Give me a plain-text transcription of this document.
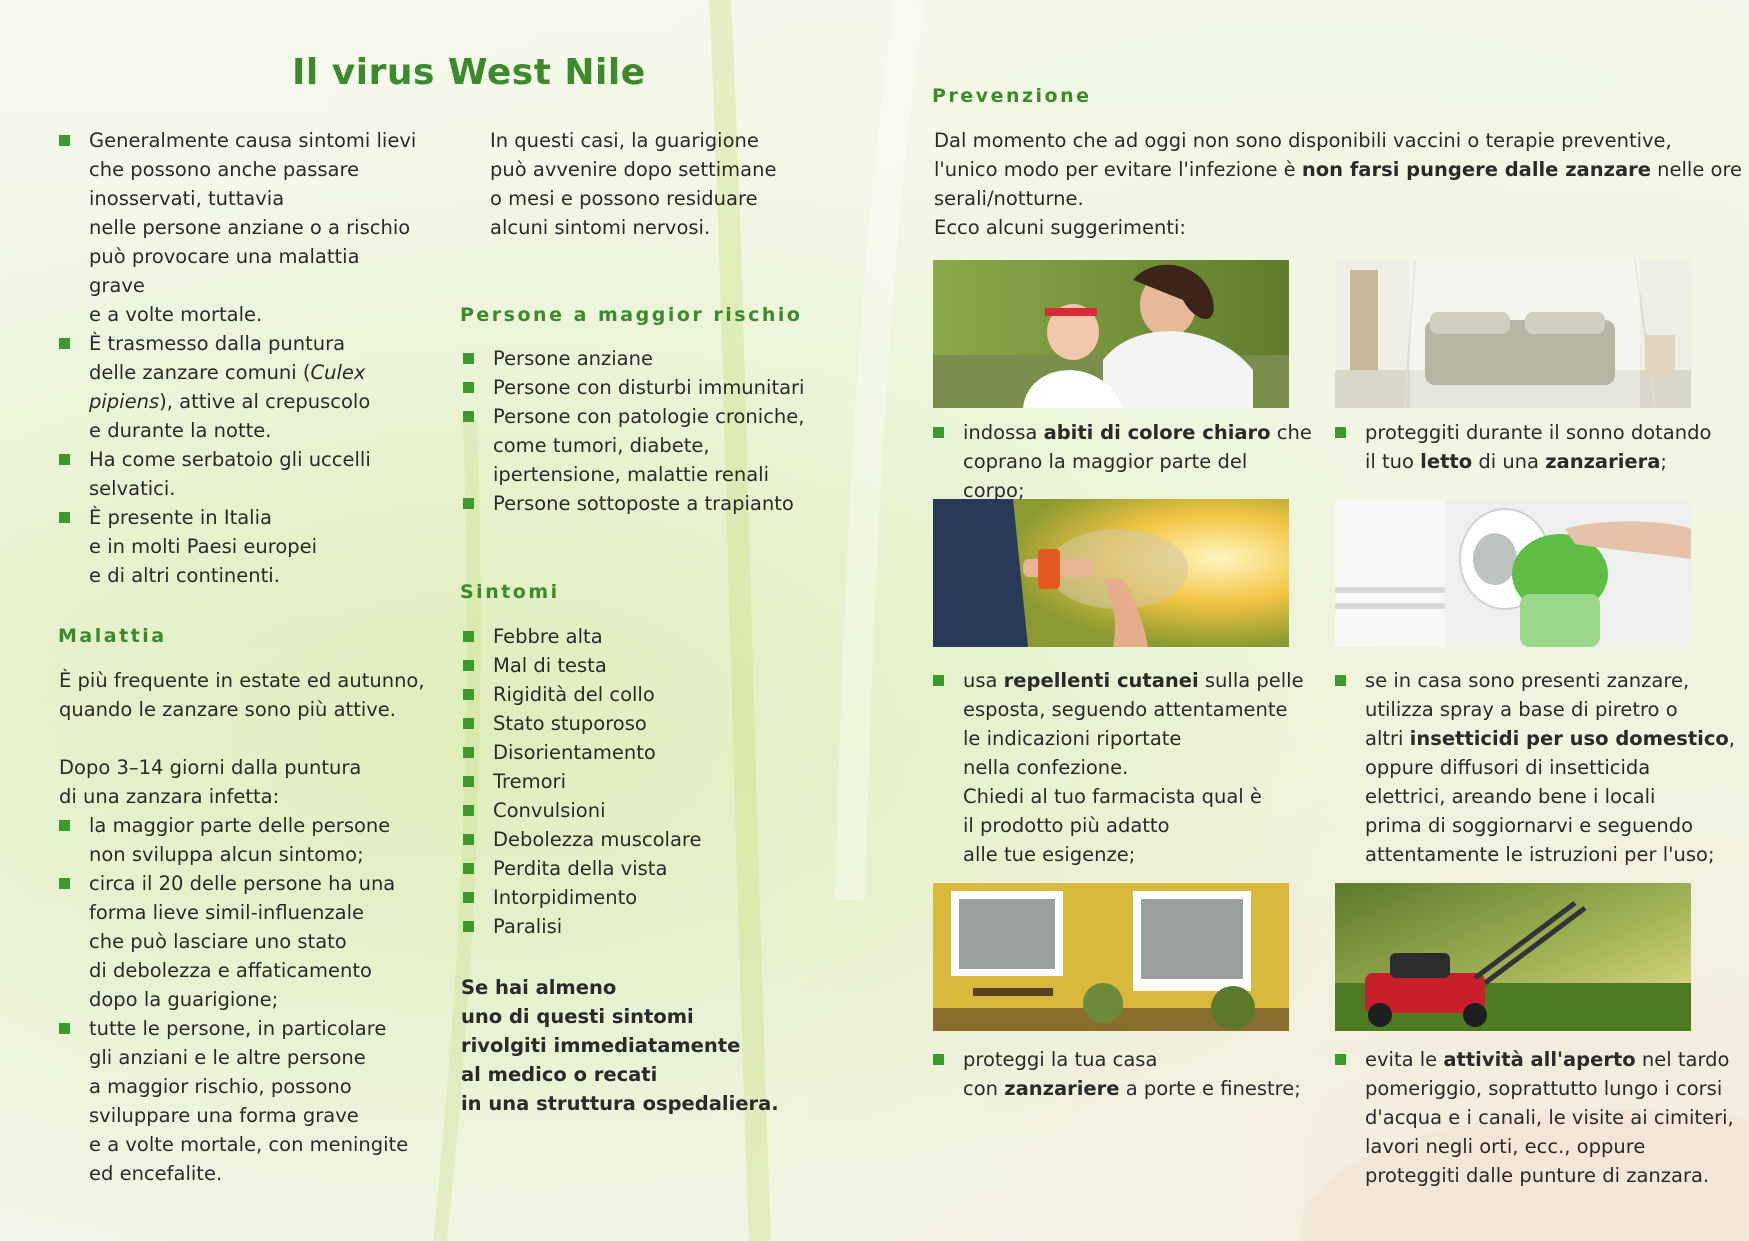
Il virus West Nile
Generalmente causa sintomi lievi
che possono anche passare
inosservati, tuttavia
nelle persone anziane o a rischio
può provocare una malattia grave
e a volte mortale.
È trasmesso dalla puntura
delle zanzare comuni (Culex
pipiens), attive al crepuscolo
e durante la notte.
Ha come serbatoio gli uccelli
selvatici.
È presente in Italia
e in molti Paesi europei
e di altri continenti.

In questi casi, la guarigione
può avvenire dopo settimane
o mesi e possono residuare
alcuni sintomi nervosi.

Malattia

È più frequente in estate ed autunno,
quando le zanzare sono più attive.

Dopo 3–14 giorni dalla puntura
di una zanzara infetta:

la maggior parte delle persone
non sviluppa alcun sintomo;
circa il 20 delle persone ha una
forma lieve simil-influenzale
che può lasciare uno stato
di debolezza e affaticamento
dopo la guarigione;
tutte le persone, in particolare
gli anziani e le altre persone
a maggior rischio, possono
sviluppare una forma grave
e a volte mortale, con meningite
ed encefalite.
Persone a maggior rischio
Persone anziane
Persone con disturbi immunitari
Persone con patologie croniche,
come tumori, diabete,
ipertensione, malattie renali
Persone sottoposte a trapianto
Sintomi
Febbre alta
Mal di testa
Rigidità del collo
Stato stuporoso
Disorientamento
Tremori
Convulsioni
Debolezza muscolare
Perdita della vista
Intorpidimento
Paralisi

Se hai almeno
uno di questi sintomi
rivolgiti immediatamente
al medico o recati
in una struttura ospedaliera.

Prevenzione

Dal momento che ad oggi non sono disponibili vaccini o terapie preventive,
l'unico modo per evitare l'infezione è non farsi pungere dalle zanzare nelle ore
serali/notturne.
Ecco alcuni suggerimenti:

indossa abiti di colore chiaro che
coprano la maggior parte del corpo;
proteggiti durante il sonno dotando
il tuo letto di una zanzariera;
usa repellenti cutanei sulla pelle
esposta, seguendo attentamente
le indicazioni riportate
nella confezione.
Chiedi al tuo farmacista qual è
il prodotto più adatto
alle tue esigenze;
se in casa sono presenti zanzare,
utilizza spray a base di piretro o
altri insetticidi per uso domestico,
oppure diffusori di insetticida
elettrici, areando bene i locali
prima di soggiornarvi e seguendo
attentamente le istruzioni per l'uso;
proteggi la tua casa
con zanzariere a porte e finestre;
evita le attività all'aperto nel tardo
pomeriggio, soprattutto lungo i corsi
d'acqua e i canali, le visite ai cimiteri,
lavori negli orti, ecc., oppure
proteggiti dalle punture di zanzara.
